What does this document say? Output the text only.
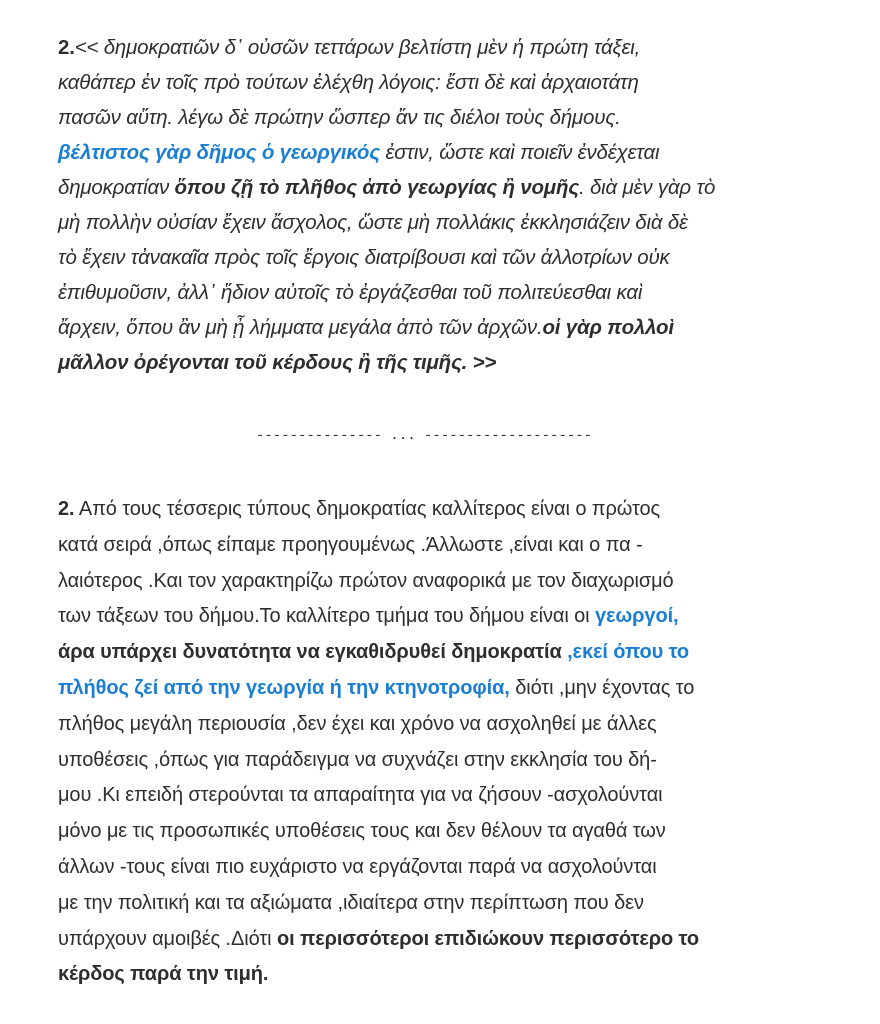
2.<< δημοκρατιῶν δ᾽ οὐσῶν τεττάρων βελτίστη μὲν ἡ πρώτη τάξει,
καθάπερ ἐν τοῖς πρὸ τούτων ἐλέχθη λόγοις: ἔστι δὲ καὶ ἀρχαιοτάτη
πασῶν αὕτη. λέγω δὲ πρώτην ὥσπερ ἄν τις διέλοι τοὺς δήμους.
βέλτιστος γὰρ δῆμος ὁ γεωργικός ἐστιν, ὥστε καὶ ποιεῖν ἐνδέχεται
δημοκρατίαν ὅπου ζῇ τὸ πλῆθος ἀπὸ γεωργίας ἢ νομῆς. διὰ μὲν γὰρ τὸ
μὴ πολλὴν οὐσίαν ἔχειν ἄσχολος, ὥστε μὴ πολλάκις ἐκκλησιάζειν διὰ δὲ
τὸ ἔχειν τἀνακαῖα πρὸς τοῖς ἔργοις διατρίβουσι καὶ τῶν ἀλλοτρίων οὐκ
ἐπιθυμοῦσιν, ἀλλ᾽ ἥδιον αὐτοῖς τὸ ἐργάζεσθαι τοῦ πολιτεύεσθαι καὶ
ἄρχειν, ὅπου ἂν μὴ ᾖ λήμματα μεγάλα ἀπὸ τῶν ἀρχῶν.οἱ γὰρ πολλοὶ
μᾶλλον ὀρέγονται τοῦ κέρδους ἢ τῆς τιμῆς. >>
--------------- ... --------------------
2. Από τους τέσσερις τύπους δημοκρατίας καλλίτερος είναι ο πρώτος
κατά σειρά ,όπως είπαμε προηγουμένως .Άλλωστε ,είναι και ο πα -
λαιότερος .Και τον χαρακτηρίζω πρώτον αναφορικά με τον διαχωρισμό
των τάξεων του δήμου.Το καλλίτερο τμήμα του δήμου είναι οι γεωργοί,
άρα υπάρχει δυνατότητα να εγκαθιδρυθεί δημοκρατία ,εκεί όπου το
πλήθος ζεί από την γεωργία ή την κτηνοτροφία, διότι ,μην έχοντας το
πλήθος μεγάλη περιουσία ,δεν έχει και χρόνο να ασχοληθεί με άλλες
υποθέσεις ,όπως για παράδειγμα να συχνάζει στην εκκλησία του δή-
μου .Κι επειδή στερούνται τα απαραίτητα για να ζήσουν -ασχολούνται
μόνο με τις προσωπικές υποθέσεις τους και δεν θέλουν τα αγαθά των
άλλων -τους είναι πιο ευχάριστο να εργάζονται παρά να ασχολούνται
με την πολιτική και τα αξιώματα ,ιδιαίτερα στην περίπτωση που δεν
υπάρχουν αμοιβές .Διότι οι περισσότεροι επιδιώκουν περισσότερο το
κέρδος παρά την τιμή.
